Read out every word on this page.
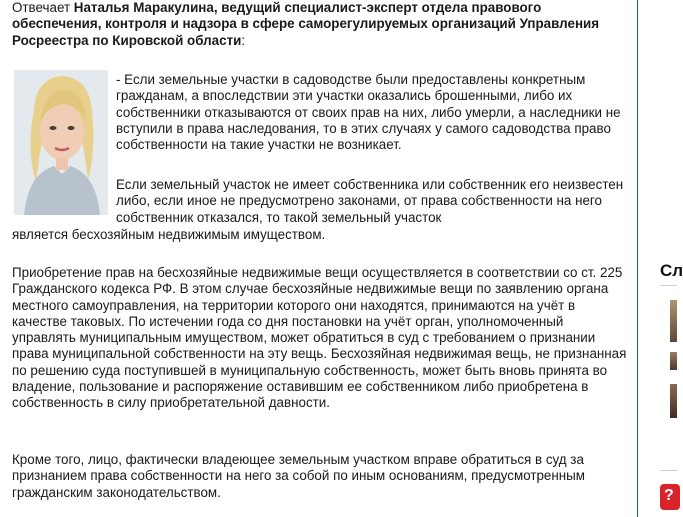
Отвечает Наталья Маракулина, ведущий специалист-эксперт отдела правового обеспечения, контроля и надзора в сфере саморегулируемых организаций Управления Росреестра по Кировской области:

- Если земельные участки в садоводстве были предоставлены конкретным гражданам, а впоследствии эти участки оказались брошенными, либо их собственники отказываются от своих прав на них, либо умерли, а наследники не вступили в права наследования, то в этих случаях у самого садоводства право собственности на такие участки не возникает.

Если земельный участок не имеет собственника или собственник его неизвестен либо, если иное не предусмотрено законами, от права собственности на него собственник отказался, то такой земельный участок

является бесхозяйным недвижимым имуществом.

Приобретение прав на бесхозяйные недвижимые вещи осуществляется в соответствии со ст. 225 Гражданского кодекса РФ. В этом случае бесхозяйные недвижимые вещи по заявлению органа местного самоуправления, на территории которого они находятся, принимаются на учёт в качестве таковых. По истечении года со дня постановки на учёт орган, уполномоченный управлять муниципальным имуществом, может обратиться в суд с требованием о признании права муниципальной собственности на эту вещь. Бесхозяйная недвижимая вещь, не признанная по решению суда поступившей в муниципальную собственность, может быть вновь принята во владение, пользование и распоряжение оставившим ее собственником либо приобретена в собственность в силу приобретательной давности.

Кроме того, лицо, фактически владеющее земельным участком вправе обратиться в суд за признанием права собственности на него за собой по иным основаниям, предусмотренным гражданским законодательством.

Сл
?
